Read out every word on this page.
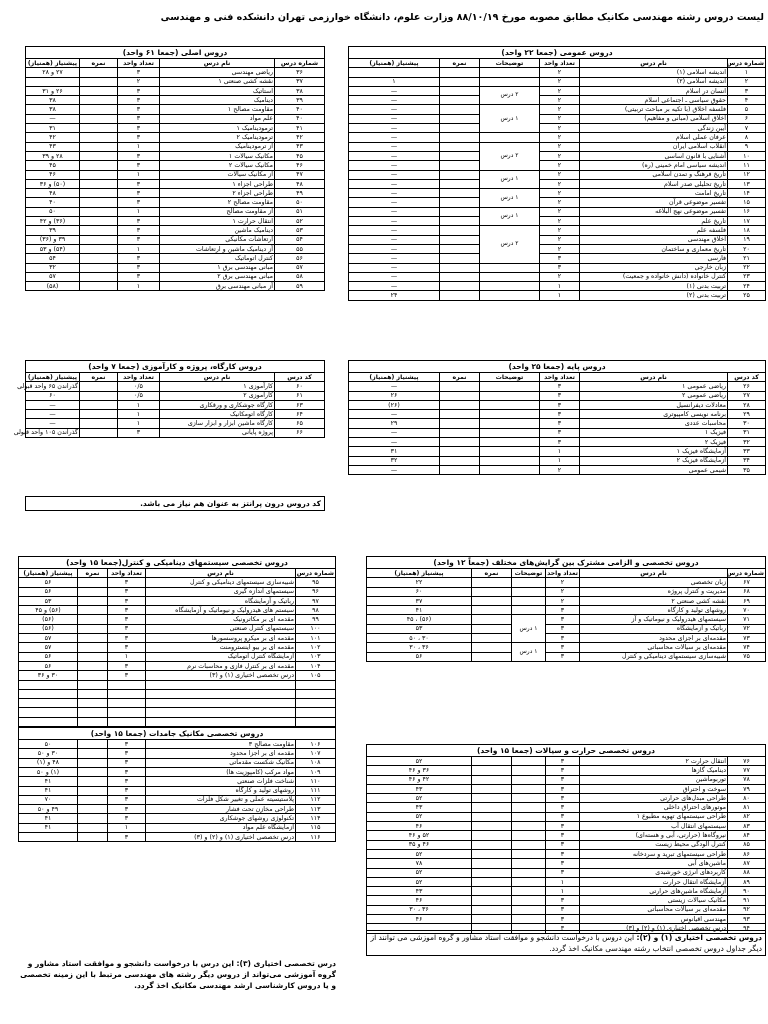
لیست دروس رشته مهندسی مکانیک مطابق مصوبه مورخ ۸۸/۱۰/۱۹ وزارت علوم، دانشگاه خوارزمی تهران دانشکده فنی و مهندسی
دروس عمومی (جمعا ۲۲ واحد)
شماره درس	نام درس	تعداد واحد	توضیحات	نمره	پیشنیاز (همنیاز)
۱	اندیشه اسلامی (۱)	۲			
۲	اندیشه اسلامی (۲)	۲			۱
۳	انسان در اسلام	۲	۲ درس		—
۴	حقوق سیاسی ـ اجتماعی اسلام	۲			—
۵	فلسفه اخلاق (با تکیه بر مباحث تربیتی)	۲	۱ درس		—
۶	اخلاق اسلامی (مبانی و مفاهیم)	۲			—
۷	آیین زندگی	۲			—
۸	عرفان عملی اسلام	۲			—
۹	انقلاب اسلامی ایران	۲	۲ درس		—
۱۰	آشنایی با قانون اساسی	۲			—
۱۱	اندیشه سیاسی امام خمینی (ره)	۲			—
۱۲	تاریخ فرهنگ و تمدن اسلامی	۲	۱ درس		—
۱۳	تاریخ تحلیلی صدر اسلام	۲			—
۱۴	تاریخ امامت	۲	۱ درس		—
۱۵	تفسیر موضوعی قرآن	۲			—
۱۶	تفسیر موضوعی نهج البلاغه	۲	۱ درس		—
۱۷	تاریخ علم	۲			—
۱۸	فلسفه علم	۲	۲ درس		—
۱۹	اخلاق مهندسی	۲			—
۲۰	تاریخ معماری و ساختمان	۲			—
۲۱	فارسی	۳			—
۲۲	زبان خارجی	۳			—
۲۳	کنترل خانواده (دانش خانواده و جمعیت)	۲			—
۲۴	تربیت بدنی (۱)	۱			—
۲۵	تربیت بدنی (۲)	۱			۲۴
دروس اصلی (جمعا ۶۱ واحد)
شماره درس	نام درس	تعداد واحد	نمره	پیشنیاز (همنیاز)
۳۶	ریاضی مهندسی	۳		۲۷ و ۲۸
۳۷	نقشه کشی صنعتی ۱	۲		
۳۸	استاتیک	۳		۲۶ و ۳۱
۳۹	دینامیک	۳		۳۸
۴۰	مقاومت مصالح ۱	۳		۳۸
۴۰	علم مواد	۳		—
۴۱	ترمودینامیک ۱	۳		۳۱
۴۲	ترمودینامیک ۲	۳		۴۲
۴۳	آز ترمودینامیک	۱		۴۳
۴۵	مکانیک سیالات ۱	۳		۲۸ و ۳۹
۴۶	مکانیک سیالات ۲	۳		۴۵
۴۷	آز مکانیک سیالات	۱		۴۶
۴۸	طراحی اجزاء ۱	۳		(۵۰) و ۳۶
۴۹	طراحی اجزاء ۲	۳		۴۸
۵۰	مقاومت مصالح ۲	۳		۴۰
۵۱	آز مقاومت مصالح	۱		۵۰
۵۲	انتقال حرارت ۱	۳		(۳۶) و ۴۲
۵۳	دینامیک ماشین	۳		۳۹
۵۴	ارتعاشات مکانیکی	۳		۳۹ و (۳۶)
۵۵	آز دینامیک ماشین و ارتعاشات	۱		(۵۴) و ۵۳
۵۶	کنترل اتوماتیک	۳		۵۴
۵۷	مبانی مهندسی برق ۱	۳		۳۲
۵۸	مبانی مهندسی برق ۲	۳		۵۷
۵۹	آز مبانی مهندسی برق	۱		(۵۸)
دروس کارگاه، پروژه و کارآموزی (جمعا ۷ واحد)
کد درس	نام درس	تعداد واحد	نمره	پیشنیاز (همنیاز)
۶۰	کارآموزی ۱	۰/۵		گذراندن ۶۵ واحد قبولی
۶۱	کارآموزی ۲	۰/۵		۶۰
۶۳	کارگاه جوشکاری و ورقکاری	۱		—
۶۴	کارگاه اتومکانیک	۱		—
۶۵	کارگاه ماشین ابزار و ابزار سازی	۱		—
۶۶	پروژه پایانی	۳		گذراندن ۱۰۵ واحد قبولی
کد دروس درون پرانتز به عنوان هم نیاز می باشد.
دروس پایه (جمعا ۲۵ واحد)
کد درس	نام درس	تعداد واحد	توضیحات	نمره	پیشنیاز (همنیاز)
۲۶	ریاضی عمومی ۱	۳			—
۲۷	ریاضی عمومی ۲	۳			۲۶
۲۸	معادلات دیفرانسیل	۳			(۲۶)
۲۹	برنامه نویسی کامپیوتری	۳			—
۳۰	محاسبات عددی	۳			۲۹
۳۱	فیزیک ۱	۳			—
۳۲	فیزیک ۲	۳			—
۳۳	آزمایشگاه فیزیک ۱	۱			۳۱
۳۴	آزمایشگاه فیزیک ۲	۱			۳۲
۳۵	شیمی عمومی	۲			—
دروس تخصصی سیستمهای دینامیکی و کنترل(جمعا ۱۵ واحد)
شماره درس	نام درس	تعداد واحد	نمره	پیشنیاز (همنیاز)
۹۵	شبیه‌سازی سیستمهای دینامیکی و کنترل	۳		۵۶
۹۶	سیستمهای اندازه گیری	۳		۵۶
۹۷	رباتیک و آزمایشگاه	۳		۵۳
۹۸	سیستم های هیدرولیک و نیوماتیک و آزمایشگاه	۳		(۵۶) و ۴۵
۹۹	مقدمه ای بر مکاترونیک	۳		(۵۶)
۱۰۰	سیستمهای کنترل صنعتی	۳		(۵۶)
۱۰۱	مقدمه ای بر میکرو پروسسورها	۳		۵۷
۱۰۲	مقدمه ای بر بیو اینسترومنت	۳		۵۷
۱۰۳	آزمایشگاه کنترل اتوماتیک	۱		۵۶
۱۰۴	مقدمه ای بر کنترل فازی و محاسبات نرم	۳		۵۶
۱۰۵	درس تخصصی اختیاری (۱) و (۳)	۳		۳۰ و ۳۶

دروس تخصصی مکانیک جامدات (جمعا ۱۵ واحد)
۱۰۶	مقاومت مصالح ۳	۳		۵۰
۱۰۷	مقدمه ای بر اجزا محدود	۳		۳۰ و ۵۰
۱۰۸	مکانیک شکست مقدماتی	۳		۴۸ و (۱)
۱۰۹	مواد مرکب (کامپوزیت ها)	۳		(۱) و ۵۰
۱۱۰	شناخت فلزات صنعتی	۳		۴۱
۱۱۱	روشهای تولید و کارگاه	۳		۴۱
۱۱۲	پلاستیسیته عملی و تغییر شکل فلزات	۳		۷۰
۱۱۳	طراحی مخازن تحت فشار	۳		۴۹ و ۵۰
۱۱۴	تکنولوژی روشهای جوشکاری	۳		۴۱
۱۱۵	آزمایشگاه علم مواد	۱		۴۱
۱۱۶	درس تخصصی اختیاری (۱) و (۲) و (۳)	۳		
دروس تخصصی و الزامی مشترک بین گرایش‌های مختلف (جمعاً ۱۲ واحد)
شماره درس	نام درس	تعداد واحد	توضیحات	نمره	پیشنیاز (همنیاز)
۶۷	زبان تخصصی	۲			۲۲
۶۸	مدیریت و کنترل پروژه	۲			۶۰
۶۹	نقشه کشی صنعتی ۲	۲			۳۷
۷۰	روشهای تولید و کارگاه	۳			۴۱
۷۱	سیستمهای هیدرولیک و نیوماتیک و آز	۳	۱ درس		(۵۶) ، ۴۵
۷۲	رباتیک و آزمایشگاه	۳			۵۳
۷۳	مقدمه‌ای بر اجزای محدود	۳			۳۰ ، ۵۰
۷۴	مقدمه‌ای بر سیالات محاسباتی	۳	۱ درس		۳۶ ، ۳۰
۷۵	شبیه‌سازی سیستمهای دینامیکی و کنترل	۳			۵۶
دروس تخصصی حرارت و سیالات (جمعا ۱۵ واحد)
۷۶	انتقال حرارت ۲	۳			۵۲
۷۷	دینامیک گازها	۳			۳۶ و ۴۶
۷۸	توربوماشین	۳			۴۲ و ۴۶
۷۹	سوخت و احتراق	۳			۴۳
۸۰	طراحی مبدل‌های حرارتی	۳			۵۲
۸۱	موتورهای احتراق داخلی	۳			۴۳
۸۲	طراحی سیستمهای تهویه مطبوع ۱	۳			۵۲
۸۳	سیستمهای انتقال آب	۳			۴۶
۸۴	نیروگاه‌ها (حرارتی، آبی و هسته‌ای)	۳			۵۲ و ۴۶
۸۵	کنترل آلودگی محیط زیست	۳			۴۶ و ۳۵
۸۶	طراحی سیستمهای تبرید و سردخانه	۳			۵۲
۸۷	ماشین‌های آبی	۳			۷۸
۸۸	کاربردهای انرژی خورشیدی	۳			۵۲
۸۹	آزمایشگاه انتقال حرارت	۱			۵۲
۹۰	آزمایشگاه ماشین‌های حرارتی	۱			۴۳
۹۱	مکانیک سیالات زیستی	۳			۴۶
۹۲	مقدمه‌ای بر سیالات محاسباتی	۳			۳۶ ، ۳۰
۹۳	مهندسی اقیانوس	۳			۴۶
۹۴	درس تخصصی اختیاری (۱) و (۲) و (۳)	۳			
درس تخصصی اختیاری (۳): این درس با درخواست دانشجو و موافقت استاد مشاور و گروه آموزشی می‌تواند از دروس دیگر رشته های مهندسی مرتبط با این زمینه تخصصی و یا دروس کارشناسی ارشد مهندسی مکانیک اخذ گردد.
دروس تخصصی اختیاری (۱) و (۲): این دروس با درخواست دانشجو و موافقت استاد مشاور و گروه آموزشی می توانند از دیگر جداول دروس تخصصی انتخاب رشته مهندسی مکانیک اخذ گردد.
